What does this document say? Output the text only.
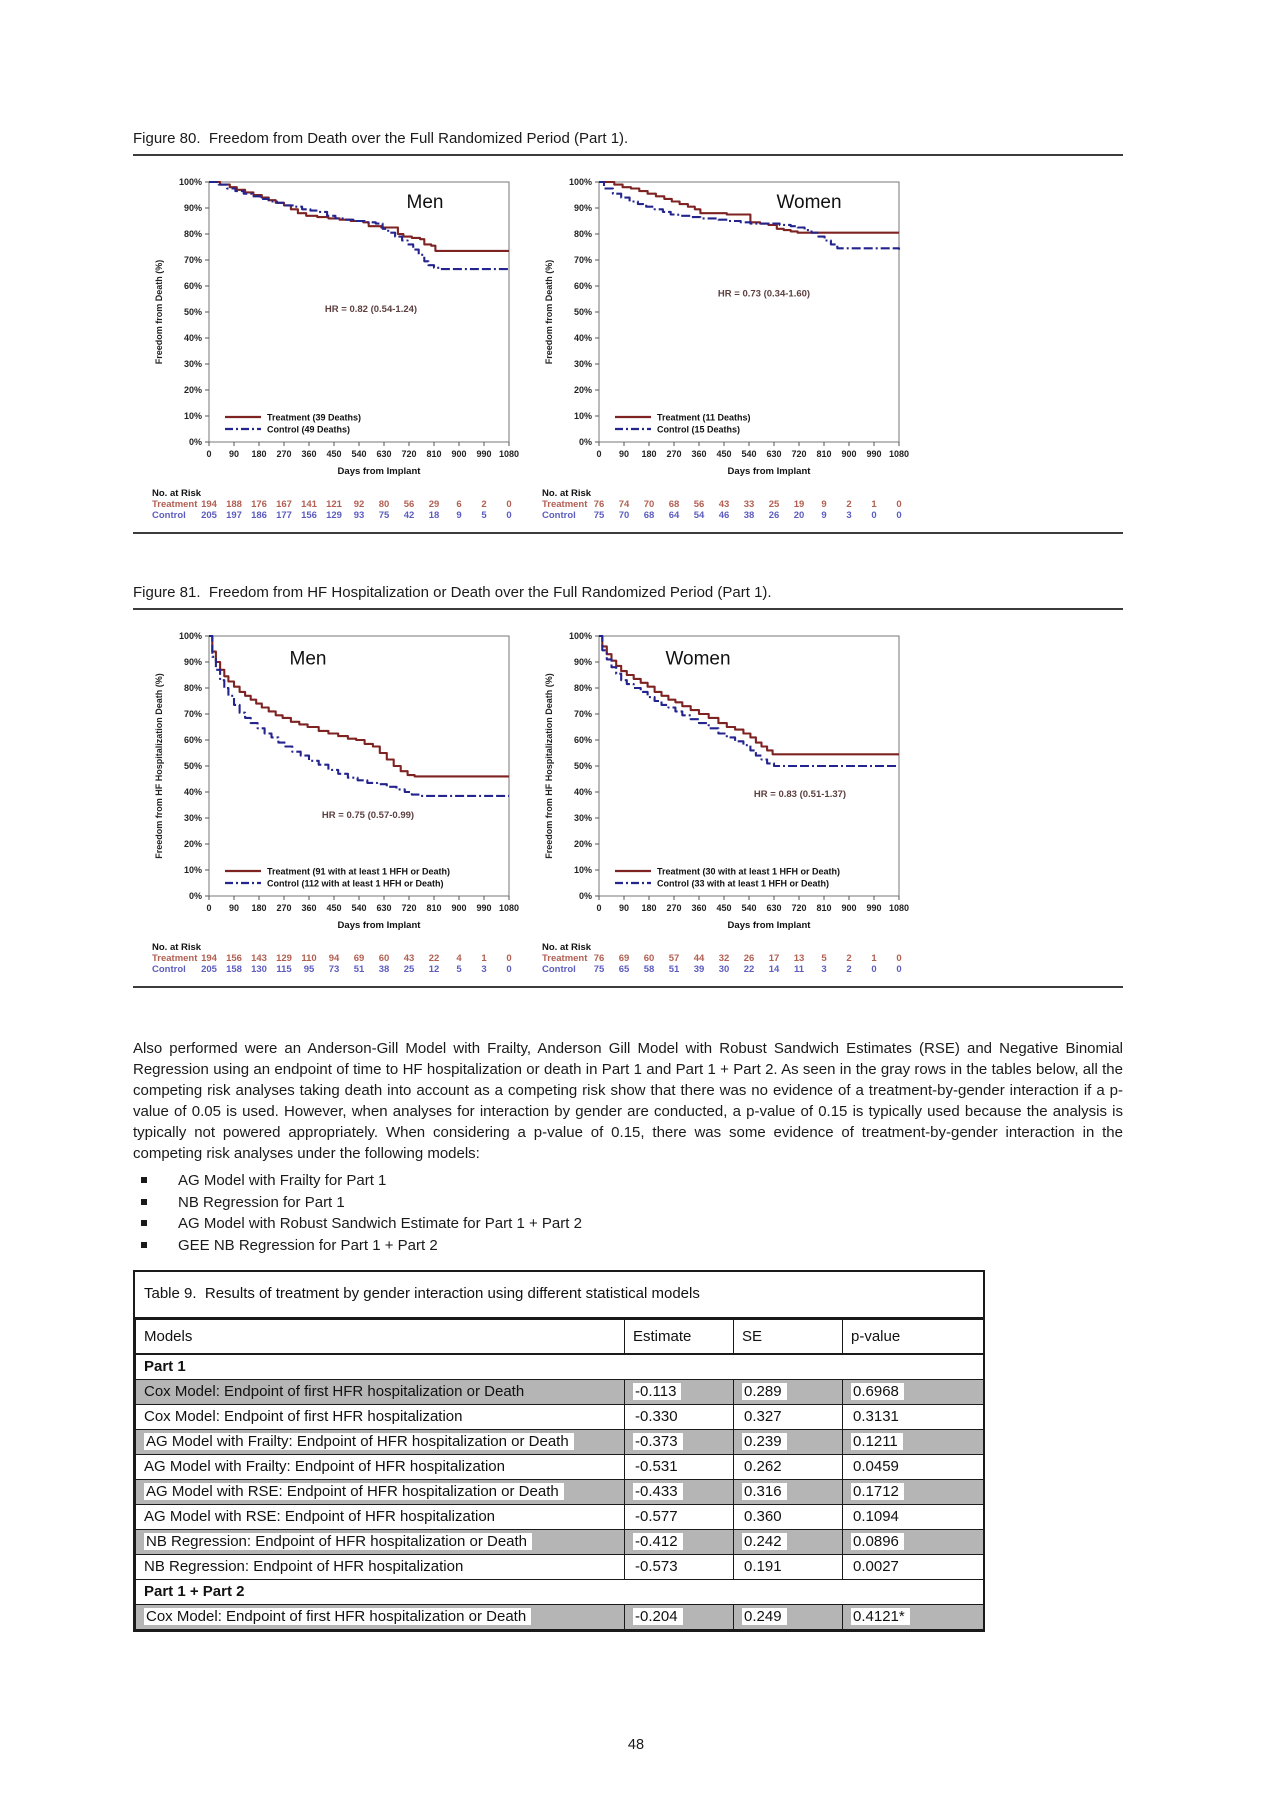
Figure 80.  Freedom from Death over the Full Randomized Period (Part 1).
0%
10%
20%
30%
40%
50%
60%
70%
80%
90%
100%
0 90 180 270 360 450 540 630 720 810 900 990 1080
Freedom from Death (%)
Men
HR = 0.82 (0.54-1.24)
Treatment (39 Deaths)
Control (49 Deaths)
Days from Implant
No. at Risk
Treatment 194 188 176 167 141 121 92 80 56 29 6 2 0
Control 205 197 186 177 156 129 93 75 42 18 9 5 0
0%
10%
20%
30%
40%
50%
60%
70%
80%
90%
100%
0 90 180 270 360 450 540 630 720 810 900 990 1080
Freedom from Death (%)
Women
HR = 0.73 (0.34-1.60)
Treatment (11 Deaths)
Control (15 Deaths)
Days from Implant
No. at Risk
Treatment 76 74 70 68 56 43 33 25 19 9 2 1 0
Control 75 70 68 64 54 46 38 26 20 9 3 0 0
Figure 81.  Freedom from HF Hospitalization or Death over the Full Randomized Period (Part 1).
0%
10%
20%
30%
40%
50%
60%
70%
80%
90%
100%
0 90 180 270 360 450 540 630 720 810 900 990 1080
Freedom from HF Hospitalization Death (%)
Men
HR = 0.75 (0.57-0.99)
Treatment (91 with at least 1 HFH or Death)
Control (112 with at least 1 HFH or Death)
Days from Implant
No. at Risk
Treatment 194 156 143 129 110 94 69 60 43 22 4 1 0
Control 205 158 130 115 95 73 51 38 25 12 5 3 0
0%
10%
20%
30%
40%
50%
60%
70%
80%
90%
100%
0 90 180 270 360 450 540 630 720 810 900 990 1080
Freedom from HF Hospitalization Death (%)
Women
HR = 0.83 (0.51-1.37)
Treatment (30 with at least 1 HFH or Death)
Control (33 with at least 1 HFH or Death)
Days from Implant
No. at Risk
Treatment 76 69 60 57 44 32 26 17 13 5 2 1 0
Control 75 65 58 51 39 30 22 14 11 3 2 0 0

Also performed were an Anderson-Gill Model with Frailty, Anderson Gill Model with Robust Sandwich Estimates (RSE) and Negative Binomial Regression using an endpoint of time to HF hospitalization or death in Part 1 and Part 1 + Part 2. As seen in the gray rows in the tables below, all the competing risk analyses taking death into account as a competing risk show that there was no evidence of a treatment-by-gender interaction if a p-value of 0.05 is used. However, when analyses for interaction by gender are conducted, a p-value of 0.15 is typically used because the analysis is typically not powered appropriately. When considering a p-value of 0.15, there was some evidence of treatment-by-gender interaction in the competing risk analyses under the following models:

AG Model with Frailty for Part 1
NB Regression for Part 1
AG Model with Robust Sandwich Estimate for Part 1 + Part 2
GEE NB Regression for Part 1 + Part 2
Table 9.  Results of treatment by gender interaction using different statistical models
Models	Estimate	SE	p-value
Part 1			
Cox Model: Endpoint of first HFR hospitalization or Death	-0.113	0.289	0.6968
Cox Model: Endpoint of first HFR hospitalization	-0.330	0.327	0.3131
AG Model with Frailty: Endpoint of HFR hospitalization or Death	-0.373	0.239	0.1211
AG Model with Frailty: Endpoint of HFR hospitalization	-0.531	0.262	0.0459
AG Model with RSE: Endpoint of HFR hospitalization or Death	-0.433	0.316	0.1712
AG Model with RSE: Endpoint of HFR hospitalization	-0.577	0.360	0.1094
NB Regression: Endpoint of HFR hospitalization or Death	-0.412	0.242	0.0896
NB Regression: Endpoint of HFR hospitalization	-0.573	0.191	0.0027
Part 1 + Part 2			
Cox Model: Endpoint of first HFR hospitalization or Death	-0.204	0.249	0.4121*
48
